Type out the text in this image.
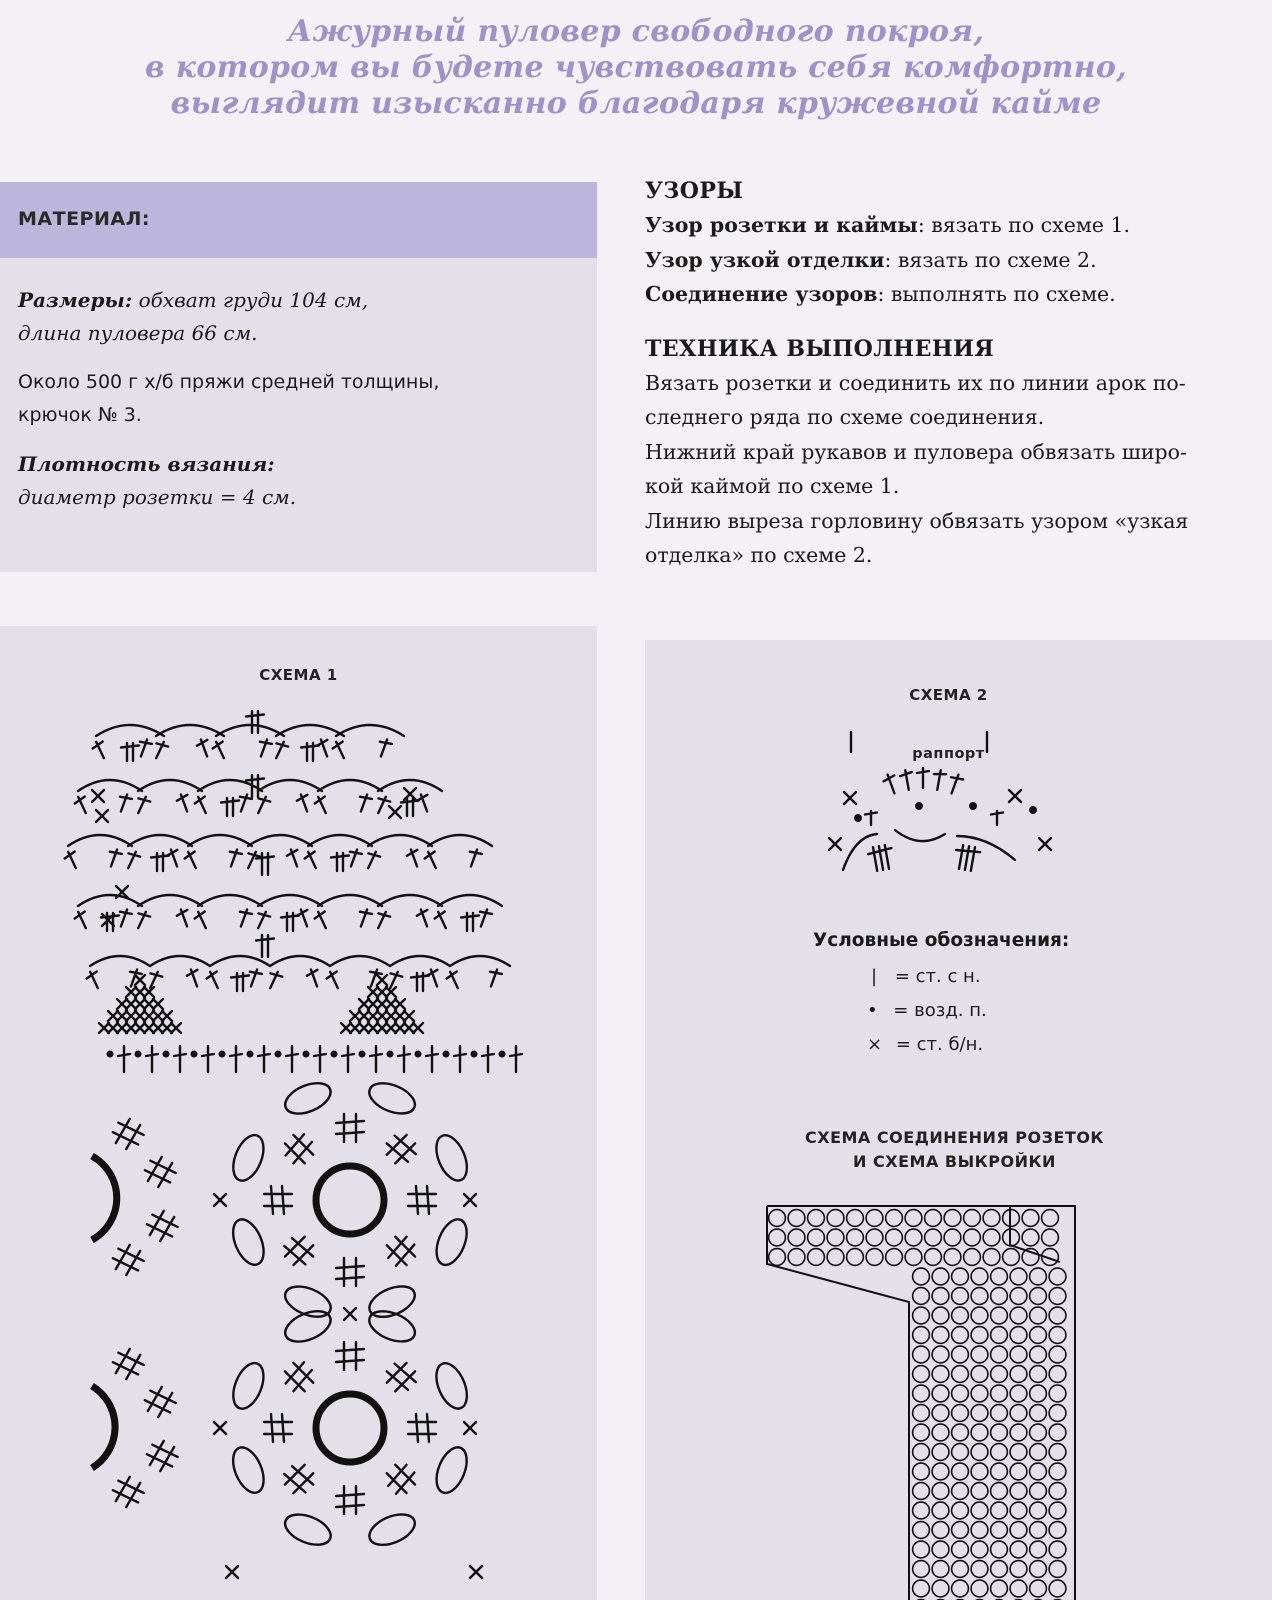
Ажурный пуловер свободного покроя,
в котором вы будете чувствовать себя комфортно,
выглядит изысканно благодаря кружевной кайме
МАТЕРИАЛ:

Размеры: обхват груди 104 см,
длина пуловера 66 см.

Около 500 г х/б пряжи средней толщины,
крючок № 3.

Плотность вязания:
диаметр розетки = 4 см.

УЗОРЫ
Узор розетки и каймы: вязать по схеме 1.
Узор узкой отделки: вязать по схеме 2.
Соединение узоров: выполнять по схеме.
ТЕХНИКА ВЫПОЛНЕНИЯ
Вязать розетки и соединить их по линии арок по-
следнего ряда по схеме соединения.
Нижний край рукавов и пуловера обвязать широ-
кой каймой по схеме 1.
Линию выреза горловину обвязать узором «узкая
отделка» по схеме 2.
СХЕМА 1
СХЕМА 2
раппорт
Условные обозначения:
| = ст. с н.
• = возд. п.
× = ст. б/н.
СХЕМА СОЕДИНЕНИЯ РОЗЕТОК
И СХЕМА ВЫКРОЙКИ
